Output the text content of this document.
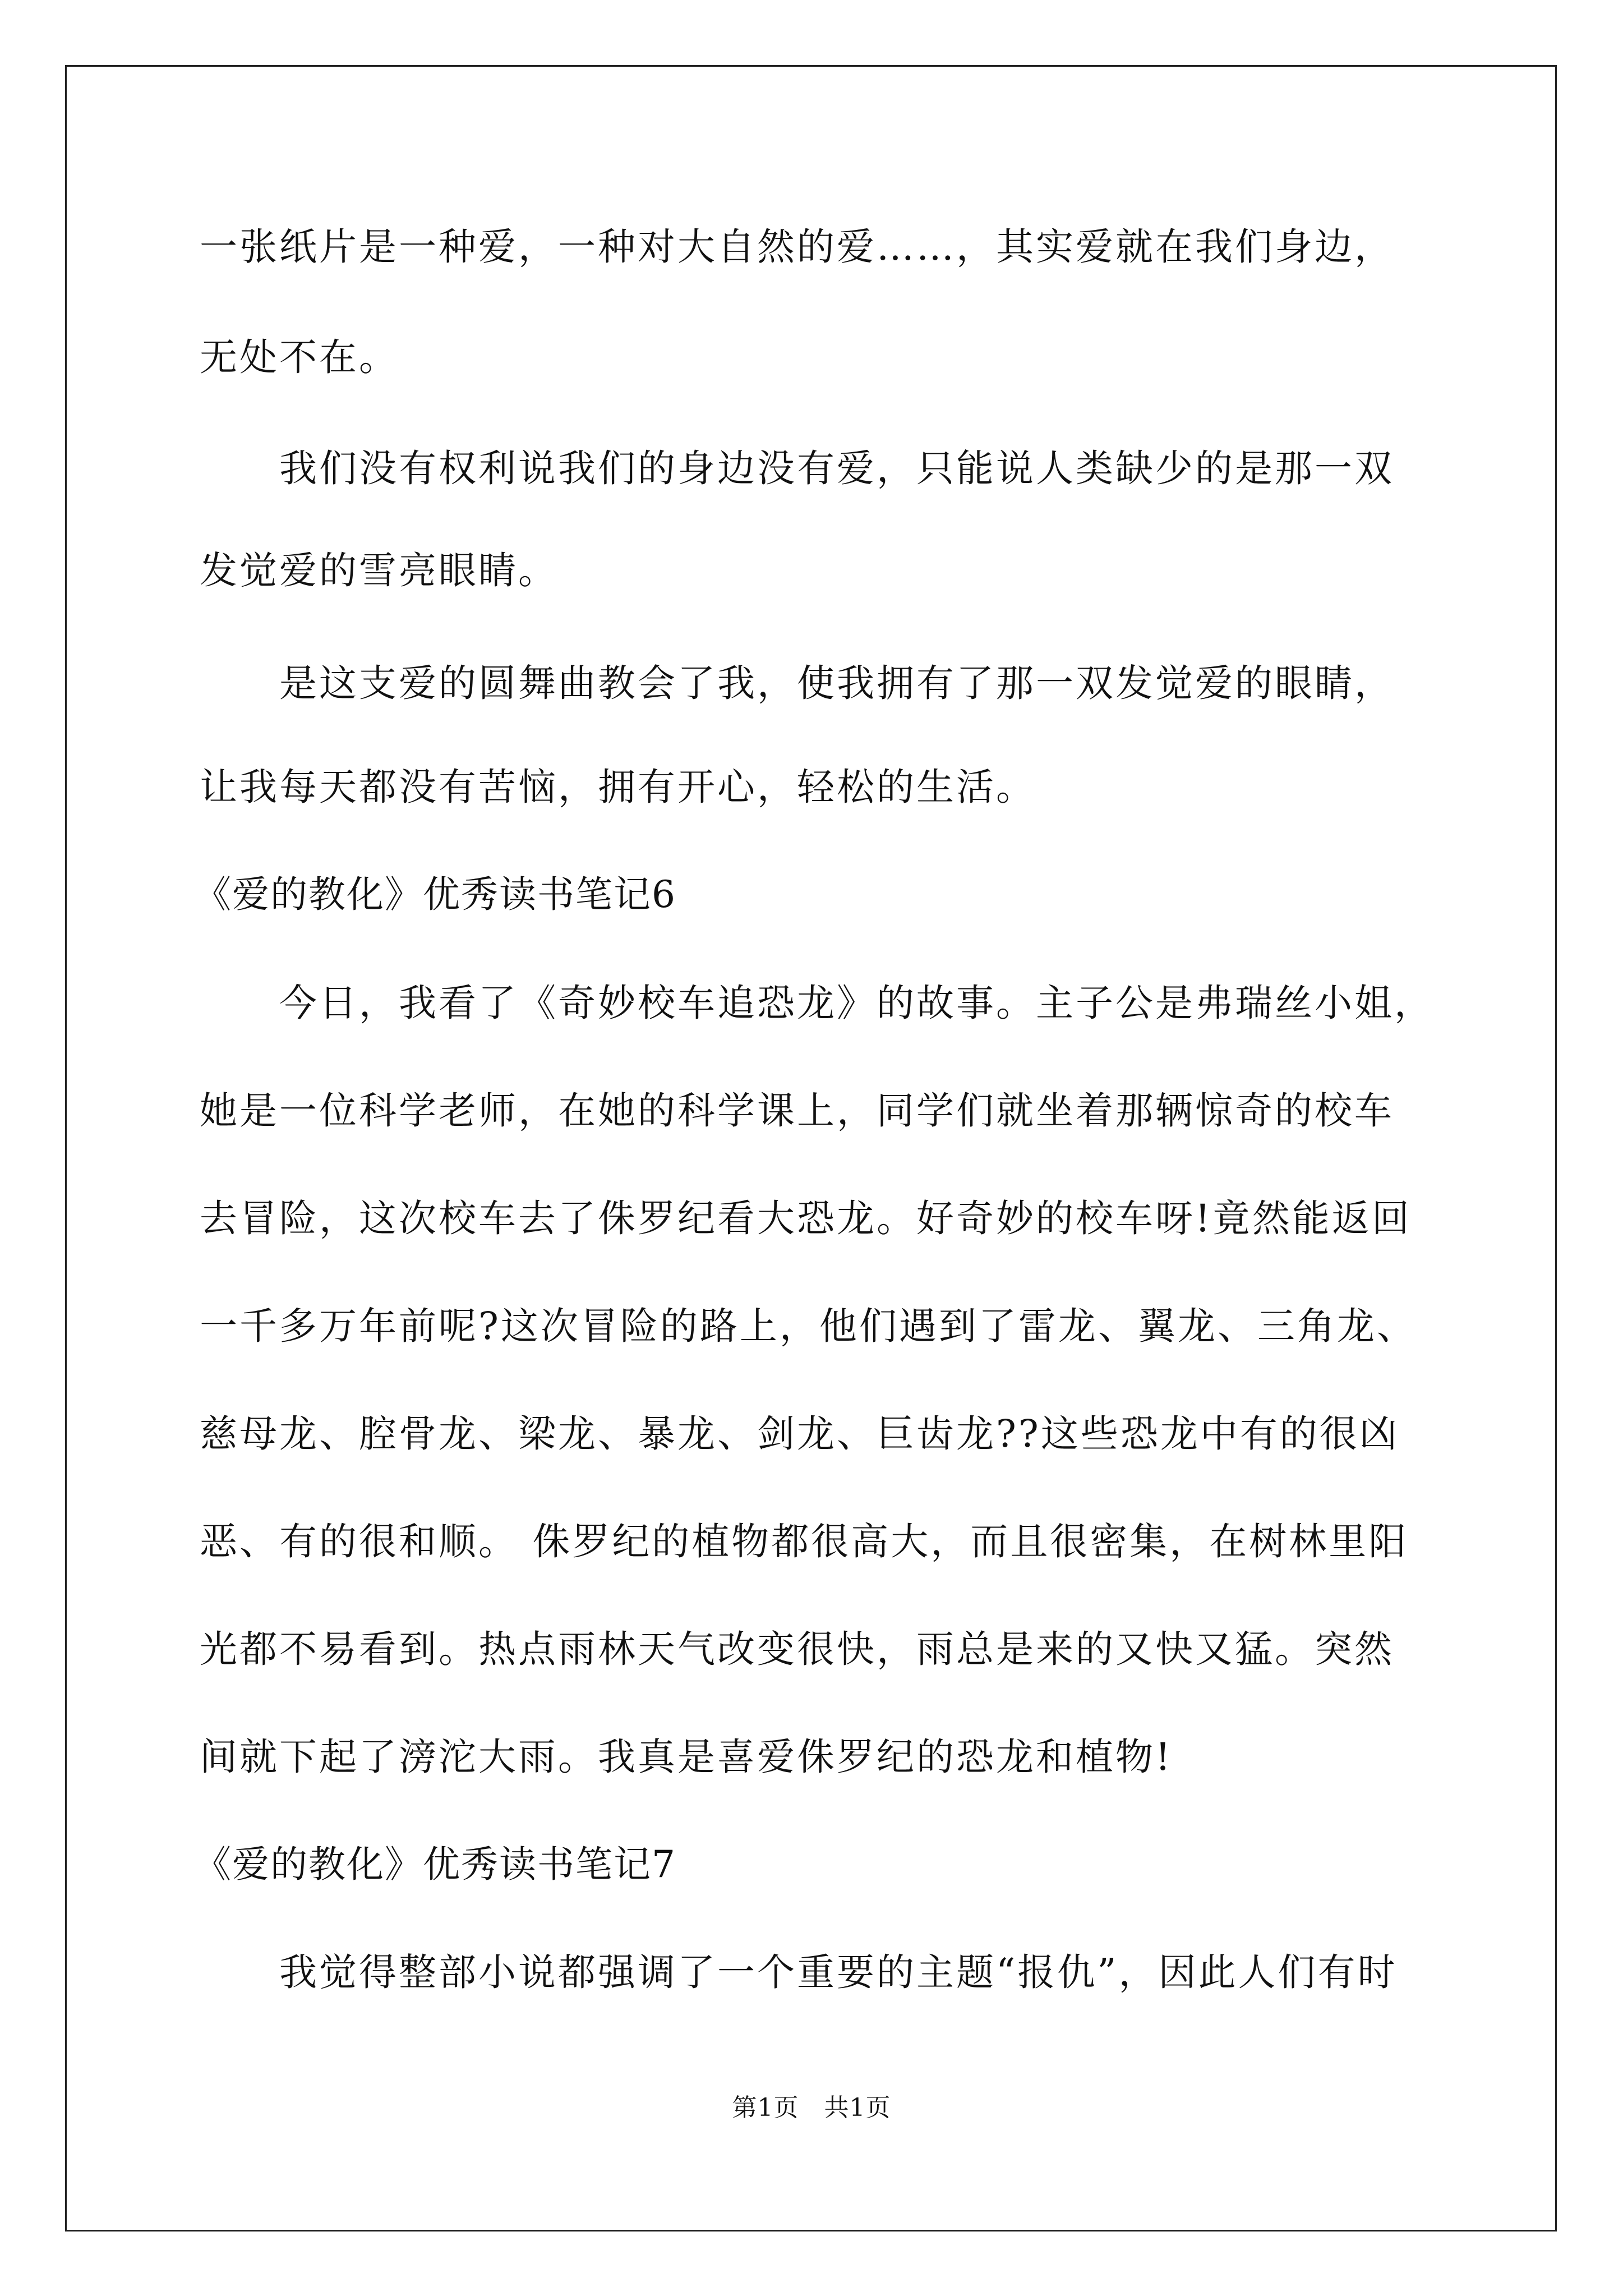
一张纸片是一种爱，一种对大自然的爱……，其实爱就在我们身边，
无处不在。
我们没有权利说我们的身边没有爱，只能说人类缺少的是那一双
发觉爱的雪亮眼睛。
是这支爱的圆舞曲教会了我，使我拥有了那一双发觉爱的眼睛，
让我每天都没有苦恼，拥有开心，轻松的生活。
《爱的教化》优秀读书笔记6
今日，我看了《奇妙校车追恐龙》的故事。主子公是弗瑞丝小姐，
她是一位科学老师，在她的科学课上，同学们就坐着那辆惊奇的校车
去冒险，这次校车去了侏罗纪看大恐龙。好奇妙的校车呀!竟然能返回
一千多万年前呢?这次冒险的路上，他们遇到了雷龙、翼龙、三角龙、
慈母龙、腔骨龙、梁龙、暴龙、剑龙、巨齿龙??这些恐龙中有的很凶
恶、有的很和顺。 侏罗纪的植物都很高大，而且很密集，在树林里阳
光都不易看到。热点雨林天气改变很快，雨总是来的又快又猛。突然
间就下起了滂沱大雨。我真是喜爱侏罗纪的恐龙和植物!
《爱的教化》优秀读书笔记7
我觉得整部小说都强调了一个重要的主题“报仇”，因此人们有时
第1页   共1页
